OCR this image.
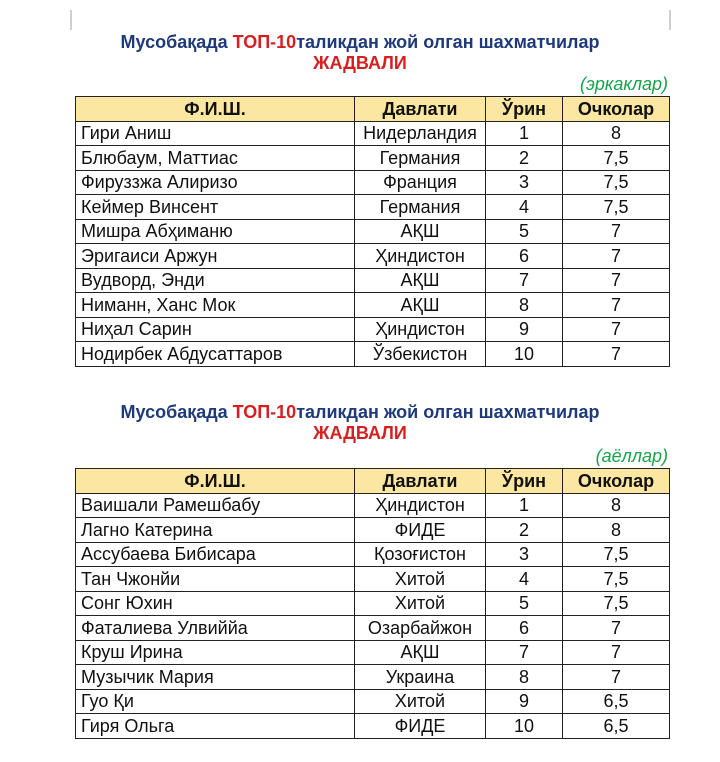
Мусобақада ТОП-10таликдан жой олган шахматчилар
ЖАДВАЛИ
(эркаклар)
Ф.И.Ш.	Давлати	Ўрин	Очколар
Гири Аниш	Нидерландия	1	8
Блюбаум, Маттиас	Германия	2	7,5
Фируззжа Алиризо	Франция	3	7,5
Кеймер Винсент	Германия	4	7,5
Мишра Абҳиманю	АҚШ	5	7
Эригаиси Аржун	Ҳиндистон	6	7
Вудворд, Энди	АҚШ	7	7
Ниманн, Ханс Мок	АҚШ	8	7
Ниҳал Сарин	Ҳиндистон	9	7
Нодирбек Абдусаттаров	Ўзбекистон	10	7
Мусобақада ТОП-10таликдан жой олган шахматчилар
ЖАДВАЛИ
(аёллар)
Ф.И.Ш.	Давлати	Ўрин	Очколар
Ваишали Рамешбабу	Ҳиндистон	1	8
Лагно Катерина	ФИДЕ	2	8
Ассубаева Бибисара	Қозоғистон	3	7,5
Тан Чжонйи	Хитой	4	7,5
Сонг Юхин	Хитой	5	7,5
Фаталиева Улвиййа	Озарбайжон	6	7
Круш Ирина	АҚШ	7	7
Музычик Мария	Украина	8	7
Гуо Қи	Хитой	9	6,5
Гиря Ольга	ФИДЕ	10	6,5
